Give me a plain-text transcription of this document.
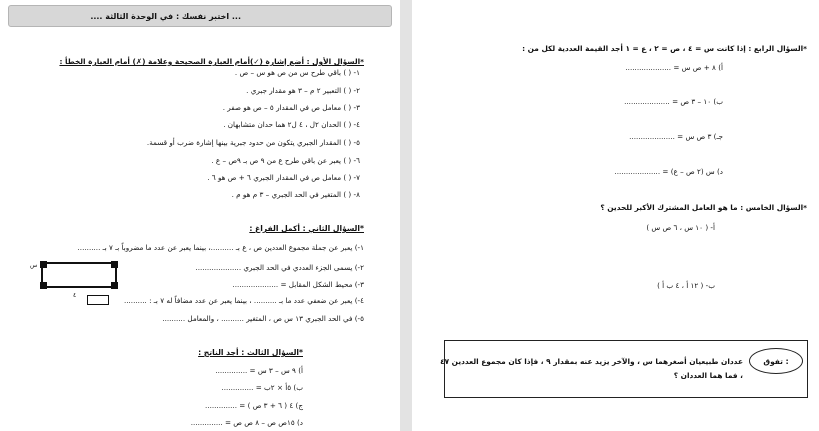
... اختبر نفسك : في الوحدة الثالثة ....
*السؤال الأول : أضع إشارة (✓)أمام العبارة الصحيحة وعلامة (✗) أمام العبارة الخطأ :
١- ( ) باقي طرح س من ص هو س – ص .
٢- ( ) التعبير ٢ م – ٣ هو مقدار جبري .
٣- ( ) معامل ص في المقدار ٥ – ص هو صفر .
٤- ( ) الحدان ٢ل ، ٤ ل٢ هما حدان متشابهان .
٥- ( ) المقدار الجبري يتكون من حدود جبرية بينها إشارة ضرب أو قسمة.
٦- ( ) يعبر عن باقي طرح ع من ٩ ص بـ ٩ص – ع .
٧- ( ) معامل ص في المقدار الجبري ٦ + ص هو ٦ .
٨- ( ) المتغير في الحد الجبري – ٣ م هو م .
*السؤال الثاني : أكمل الفراغ :
١-) يعبر عن جملة مجموع العددين ص ، ع بـ ..........، بينما يعبر عن عدد ما مضروباً بـ ٧ بـ ..........
٢-) يسمى الجزء العددي في الحد الجبري ....................
٣-) محيط الشكل المقابل = ....................
٤-) يعبر عن ضعفي عدد ما بـ .......... ، بينما يعبر عن عدد مضافاً له ٧ بـ : ..........
٥-) في الحد الجبري ١٣ س ص ، المتغير .......... ، والمعامل ..........
س
٤
*السؤال الثالث : أجد الناتج :
أ) ٩ س – ٣ س = ..............
ب) ٥أ × ٢ب = ..............
ج) ٤ ( ٦ + ٣ ص ) = ..............
د) ١٥ص ص – ٨ ص ص = ..............
*السؤال الرابع : إذا كانت س = ٤ ، ص = ٢ ، ع = ١ أجد القيمة العددية لكل من :
أ) ٨ + ص س = ....................
ب) ١٠ – ٣ ص = ....................
جـ) ٣ ص س = ....................
د) س (٢ ص – ع) = ....................
*السؤال الخامس : ما هو العامل المشترك الأكبر للحدين ؟
أ- ( ١٠ س ، ٦ ص س )
ب- ( ١٢ أ ، ٤ ب أ )
تفوق :
عددان طبيعيان أصغرهما س ، والآخر يزيد عنه بمقدار ٩ ، فإذا كان مجموع العددين ٤٧
، فما هما العددان ؟
